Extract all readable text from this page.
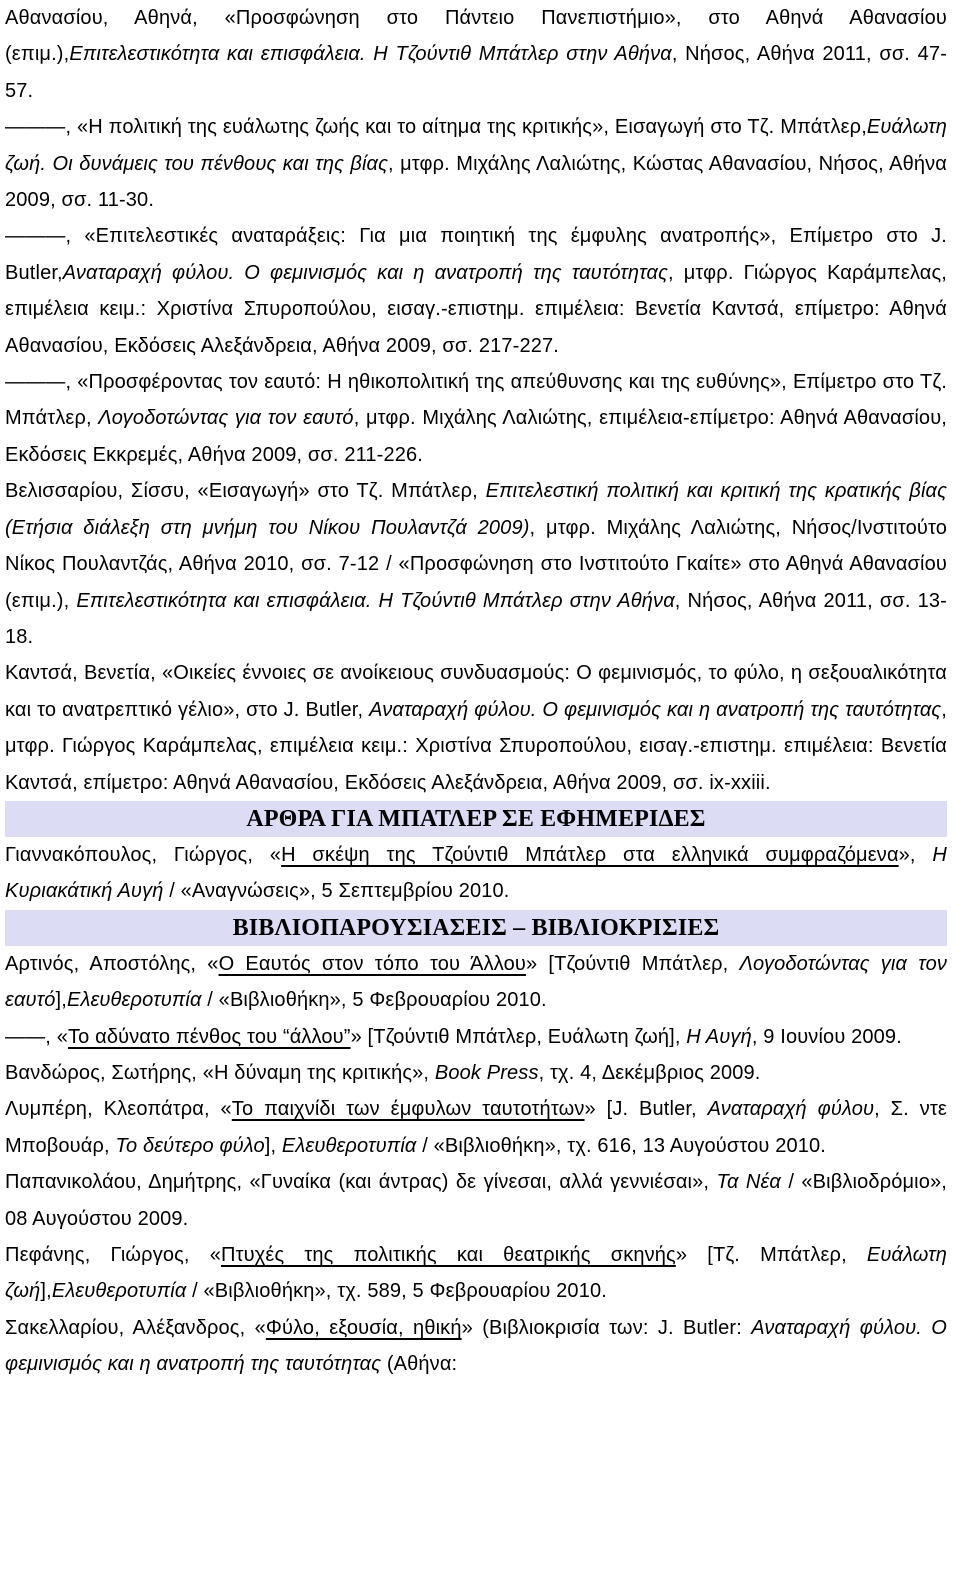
Αθανασίου, Αθηνά, «Προσφώνηση στο Πάντειο Πανεπιστήμιο», στο Αθηνά Αθανασίου (επιμ.),Επιτελεστικότητα και επισφάλεια. Η Τζούντιθ Μπάτλερ στην Αθήνα, Νήσος, Αθήνα 2011, σσ. 47-57.
———, «Η πολιτική της ευάλωτης ζωής και το αίτημα της κριτικής», Εισαγωγή στο Τζ. Μπάτλερ,Ευάλωτη ζωή. Οι δυνάμεις του πένθους και της βίας, μτφρ. Μιχάλης Λαλιώτης, Κώστας Αθανασίου, Νήσος, Αθήνα 2009, σσ. 11-30.
———, «Επιτελεστικές αναταράξεις: Για μια ποιητική της έμφυλης ανατροπής», Επίμετρο στο J. Butler,Αναταραχή φύλου. Ο φεμινισμός και η ανατροπή της ταυτότητας, μτφρ. Γιώργος Καράμπελας, επιμέλεια κειμ.: Χριστίνα Σπυροπούλου, εισαγ.-επιστημ. επιμέλεια: Βενετία Καντσά, επίμετρο: Αθηνά Αθανασίου, Εκδόσεις Αλεξάνδρεια, Αθήνα 2009, σσ. 217-227.
———, «Προσφέροντας τον εαυτό: Η ηθικοπολιτική της απεύθυνσης και της ευθύνης», Επίμετρο στο Τζ. Μπάτλερ, Λογοδοτώντας για τον εαυτό, μτφρ. Μιχάλης Λαλιώτης, επιμέλεια-επίμετρο: Αθηνά Αθανασίου, Εκδόσεις Εκκρεμές, Αθήνα 2009, σσ. 211-226.
Βελισσαρίου, Σίσσυ, «Εισαγωγή» στο Τζ. Μπάτλερ, Επιτελεστική πολιτική και κριτική της κρατικής βίας (Ετήσια διάλεξη στη μνήμη του Νίκου Πουλαντζά 2009), μτφρ. Μιχάλης Λαλιώτης, Νήσος/Ινστιτούτο Νίκος Πουλαντζάς, Αθήνα 2010, σσ. 7-12 / «Προσφώνηση στο Ινστιτούτο Γκαίτε» στο Αθηνά Αθανασίου (επιμ.), Επιτελεστικότητα και επισφάλεια. Η Τζούντιθ Μπάτλερ στην Αθήνα, Νήσος, Αθήνα 2011, σσ. 13-18.
Καντσά, Βενετία, «Οικείες έννοιες σε ανοίκειους συνδυασμούς: Ο φεμινισμός, το φύλο, η σεξουαλικότητα και το ανατρεπτικό γέλιο», στο J. Butler, Αναταραχή φύλου. Ο φεμινισμός και η ανατροπή της ταυτότητας, μτφρ. Γιώργος Καράμπελας, επιμέλεια κειμ.: Χριστίνα Σπυροπούλου, εισαγ.-επιστημ. επιμέλεια: Βενετία Καντσά, επίμετρο: Αθηνά Αθανασίου, Εκδόσεις Αλεξάνδρεια, Αθήνα 2009, σσ. ix-xxiii.
ΑΡΘΡΑ ΓΙΑ ΜΠΑΤΛΕΡ ΣΕ ΕΦΗΜΕΡΙΔΕΣ
Γιαννακόπουλος, Γιώργος, «Η σκέψη της Τζούντιθ Μπάτλερ στα ελληνικά συμφραζόμενα», Η Κυριακάτική Αυγή / «Αναγνώσεις», 5 Σεπτεμβρίου 2010.
ΒΙΒΛΙΟΠΑΡΟΥΣΙΑΣΕΙΣ – ΒΙΒΛΙΟΚΡΙΣΙΕΣ
Αρτινός, Αποστόλης, «Ο Εαυτός στον τόπο του Άλλου» [Τζούντιθ Μπάτλερ, Λογοδοτώντας για τον εαυτό],Ελευθεροτυπία / «Βιβλιοθήκη», 5 Φεβρουαρίου 2010.
——, «Το αδύνατο πένθος του “άλλου”» [Τζούντιθ Μπάτλερ, Ευάλωτη ζωή], Η Αυγή, 9 Ιουνίου 2009.
Βανδώρος, Σωτήρης, «Η δύναμη της κριτικής», Book Press, τχ. 4, Δεκέμβριος 2009.
Λυμπέρη, Κλεοπάτρα, «Το παιχνίδι των έμφυλων ταυτοτήτων» [J. Butler, Αναταραχή φύλου, Σ. ντε Μποβουάρ, Το δεύτερο φύλο], Ελευθεροτυπία / «Βιβλιοθήκη», τχ. 616, 13 Αυγούστου 2010.
Παπανικολάου, Δημήτρης, «Γυναίκα (και άντρας) δε γίνεσαι, αλλά γεννιέσαι», Τα Νέα / «Βιβλιοδρόμιο», 08 Αυγούστου 2009.
Πεφάνης, Γιώργος, «Πτυχές της πολιτικής και θεατρικής σκηνής» [Τζ. Μπάτλερ, Ευάλωτη ζωή],Ελευθεροτυπία / «Βιβλιοθήκη», τχ. 589, 5 Φεβρουαρίου 2010.
Σακελλαρίου, Αλέξανδρος, «Φύλο, εξουσία, ηθική» (Βιβλιοκρισία των: J. Butler: Αναταραχή φύλου. Ο φεμινισμός και η ανατροπή της ταυτότητας (Αθήνα:
